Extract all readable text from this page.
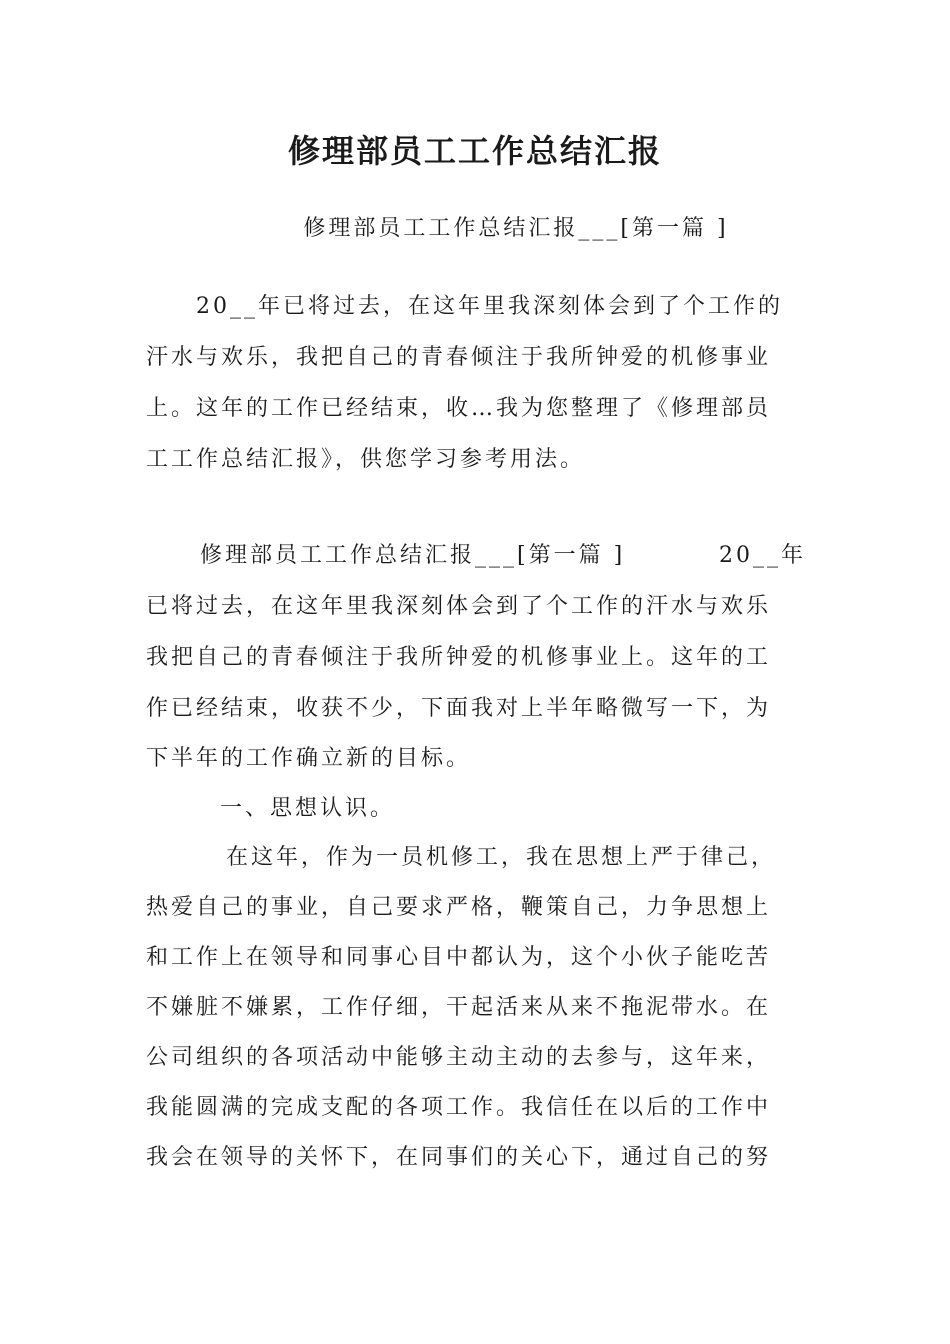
修理部员工工作总结汇报
修理部员工工作总结汇报___[第一篇 ]
20__年已将过去，在这年里我深刻体会到了个工作的
汗水与欢乐，我把自己的青春倾注于我所钟爱的机修事业
上。这年的工作已经结束，收…我为您整理了《修理部员
工工作总结汇报》，供您学习参考用法。
修理部员工工作总结汇报___[第一篇 ]	20__年
已将过去，在这年里我深刻体会到了个工作的汗水与欢乐
我把自己的青春倾注于我所钟爱的机修事业上。这年的工
作已经结束，收获不少，下面我对上半年略微写一下，为
下半年的工作确立新的目标。
一、思想认识。
在这年，作为一员机修工，我在思想上严于律己，
热爱自己的事业，自己要求严格，鞭策自己，力争思想上
和工作上在领导和同事心目中都认为，这个小伙子能吃苦
不嫌脏不嫌累，工作仔细，干起活来从来不拖泥带水。在
公司组织的各项活动中能够主动主动的去参与，这年来，
我能圆满的完成支配的各项工作。我信任在以后的工作中
我会在领导的关怀下，在同事们的关心下，通过自己的努
